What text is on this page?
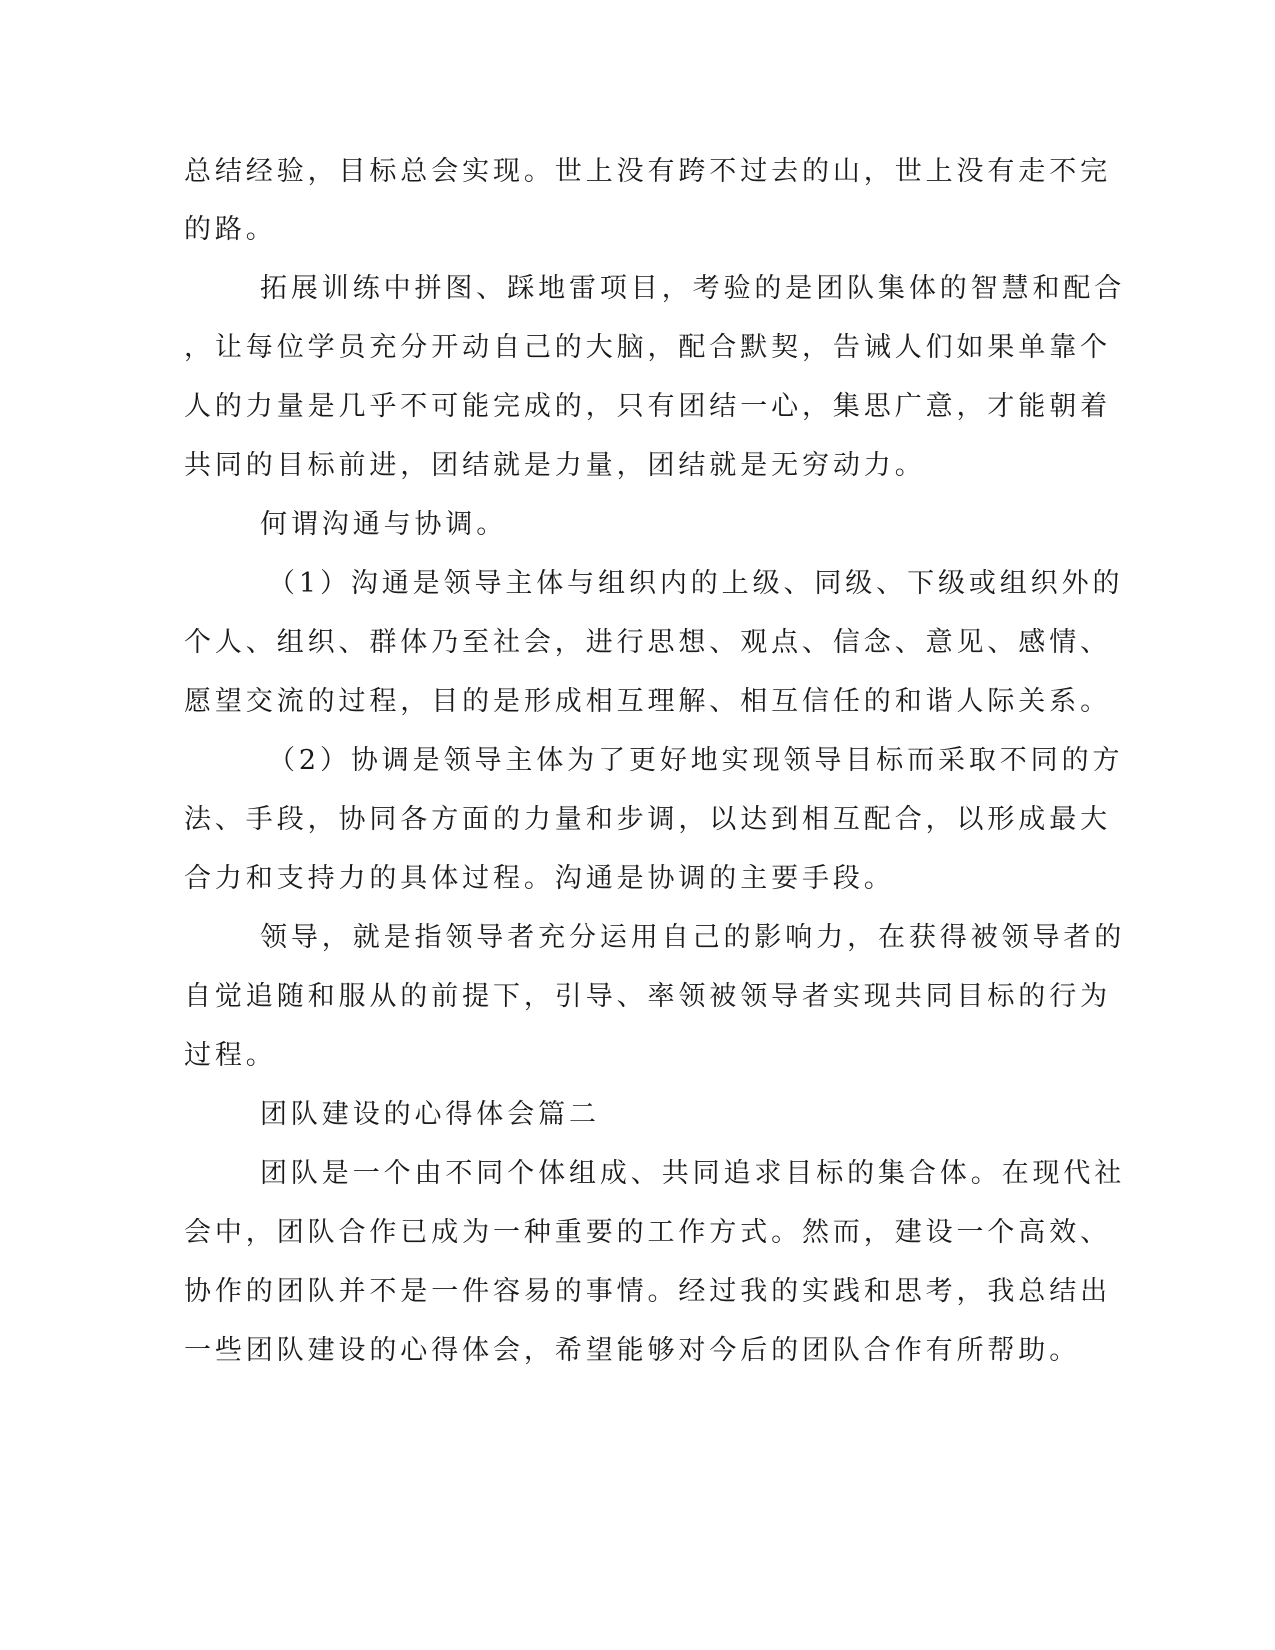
总结经验，目标总会实现。世上没有跨不过去的山，世上没有走不完
的路。
拓展训练中拼图、踩地雷项目，考验的是团队集体的智慧和配合
，让每位学员充分开动自己的大脑，配合默契，告诫人们如果单靠个
人的力量是几乎不可能完成的，只有团结一心，集思广意，才能朝着
共同的目标前进，团结就是力量，团结就是无穷动力。
何谓沟通与协调。
（1）沟通是领导主体与组织内的上级、同级、下级或组织外的
个人、组织、群体乃至社会，进行思想、观点、信念、意见、感情、
愿望交流的过程，目的是形成相互理解、相互信任的和谐人际关系。
（2）协调是领导主体为了更好地实现领导目标而采取不同的方
法、手段，协同各方面的力量和步调，以达到相互配合，以形成最大
合力和支持力的具体过程。沟通是协调的主要手段。
领导，就是指领导者充分运用自己的影响力，在获得被领导者的
自觉追随和服从的前提下，引导、率领被领导者实现共同目标的行为
过程。
团队建设的心得体会篇二
团队是一个由不同个体组成、共同追求目标的集合体。在现代社
会中，团队合作已成为一种重要的工作方式。然而，建设一个高效、
协作的团队并不是一件容易的事情。经过我的实践和思考，我总结出
一些团队建设的心得体会，希望能够对今后的团队合作有所帮助。
